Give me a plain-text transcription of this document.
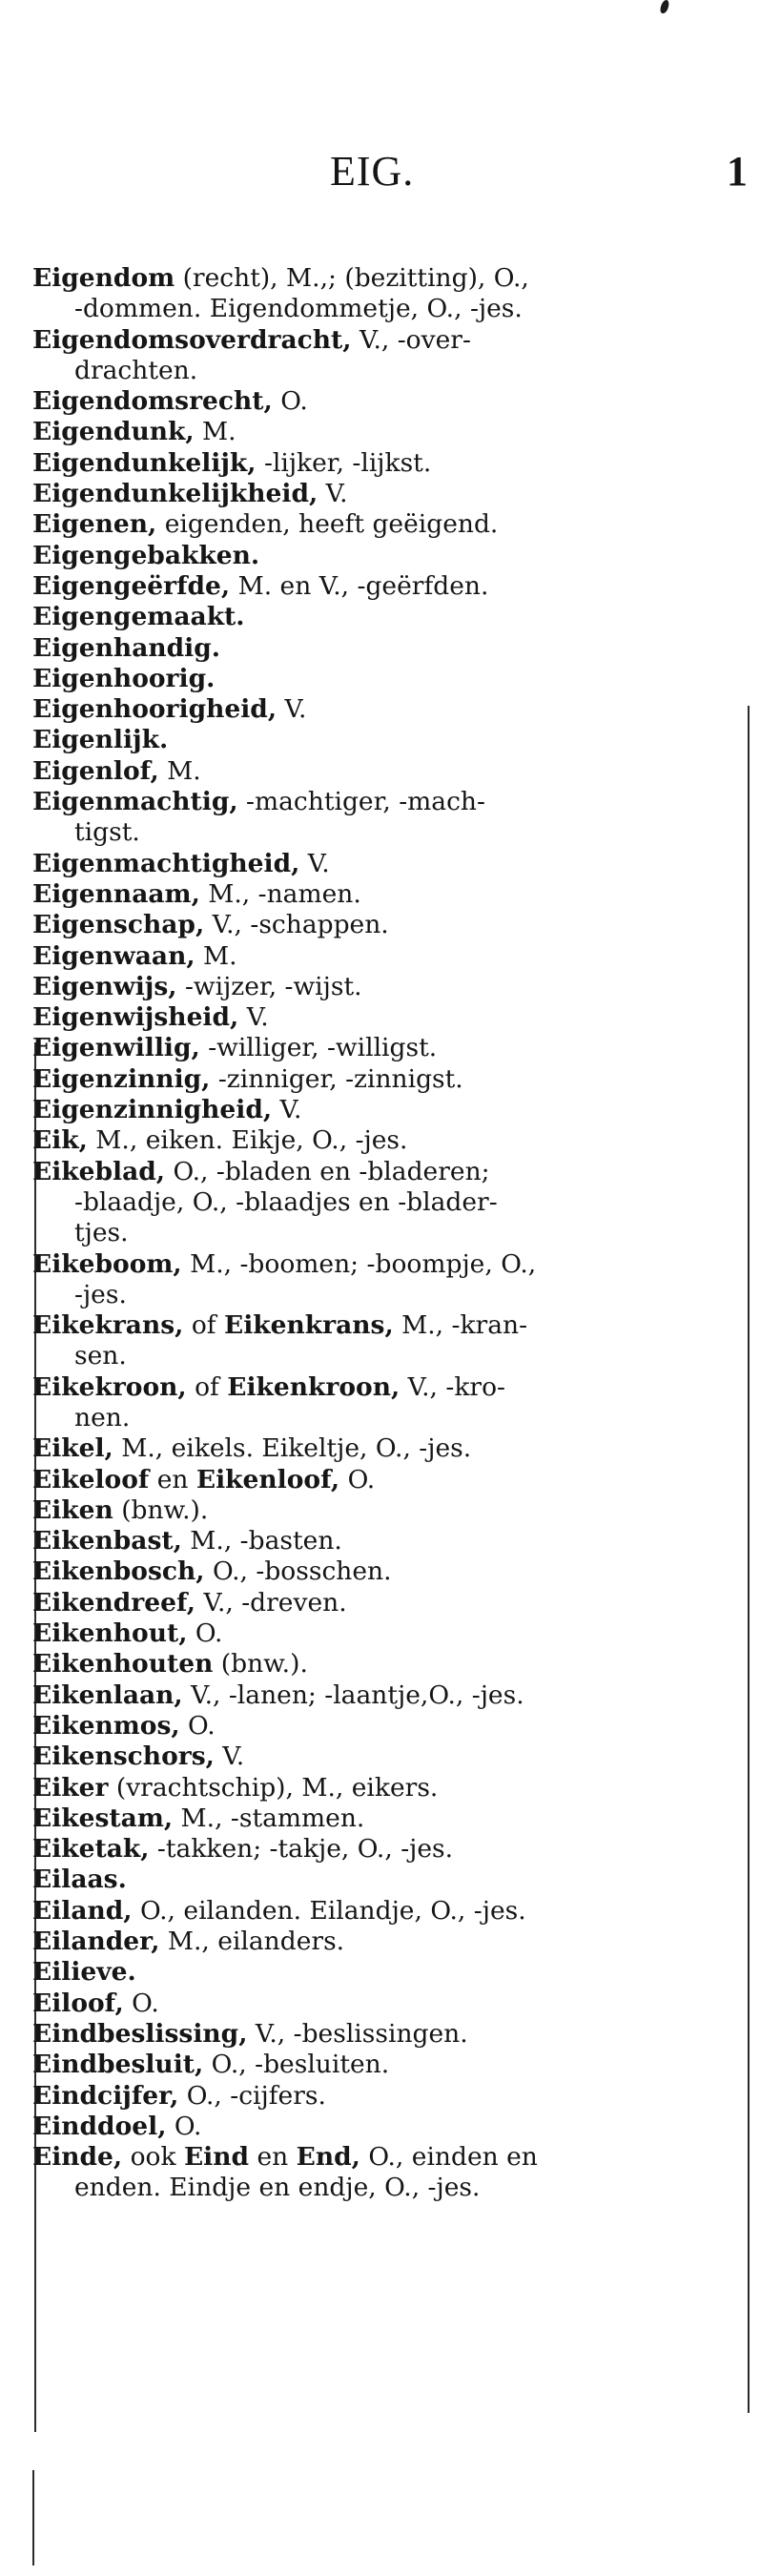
EIG.	1
Eigendom (recht), M.,; (bezitting), O.,
-dommen. Eigendommetje, O., -jes.
Eigendomsoverdracht, V., -over-
drachten.
Eigendomsrecht, O.
Eigendunk, M.
Eigendunkelijk, -lijker, -lijkst.
Eigendunkelijkheid, V.
Eigenen, eigenden, heeft geëigend.
Eigengebakken.
Eigengeërfde, M. en V., -geërfden.
Eigengemaakt.
Eigenhandig.
Eigenhoorig.
Eigenhoorigheid, V.
Eigenlijk.
Eigenlof, M.
Eigenmachtig, -machtiger, -mach-
tigst.
Eigenmachtigheid, V.
Eigennaam, M., -namen.
Eigenschap, V., -schappen.
Eigenwaan, M.
Eigenwijs, -wijzer, -wijst.
Eigenwijsheid, V.
Eigenwillig, -williger, -willigst.
Eigenzinnig, -zinniger, -zinnigst.
Eigenzinnigheid, V.
Eik, M., eiken. Eikje, O., -jes.
Eikeblad, O., -bladen en -bladeren;
-blaadje, O., -blaadjes en -blader-
tjes.
Eikeboom, M., -boomen; -boompje, O.,
-jes.
Eikekrans, of Eikenkrans, M., -kran-
sen.
Eikekroon, of Eikenkroon, V., -kro-
nen.
Eikel, M., eikels. Eikeltje, O., -jes.
Eikeloof en Eikenloof, O.
Eiken (bnw.).
Eikenbast, M., -basten.
Eikenbosch, O., -bosschen.
Eikendreef, V., -dreven.
Eikenhout, O.
Eikenhouten (bnw.).
Eikenlaan, V., -lanen; -laantje,O., -jes.
Eikenmos, O.
Eikenschors, V.
Eiker (vrachtschip), M., eikers.
Eikestam, M., -stammen.
Eiketak, -takken; -takje, O., -jes.
Eilaas.
Eiland, O., eilanden. Eilandje, O., -jes.
Eilander, M., eilanders.
Eilieve.
Eiloof, O.
Eindbeslissing, V., -beslissingen.
Eindbesluit, O., -besluiten.
Eindcijfer, O., -cijfers.
Einddoel, O.
Einde, ook Eind en End, O., einden en
enden. Eindje en endje, O., -jes.
